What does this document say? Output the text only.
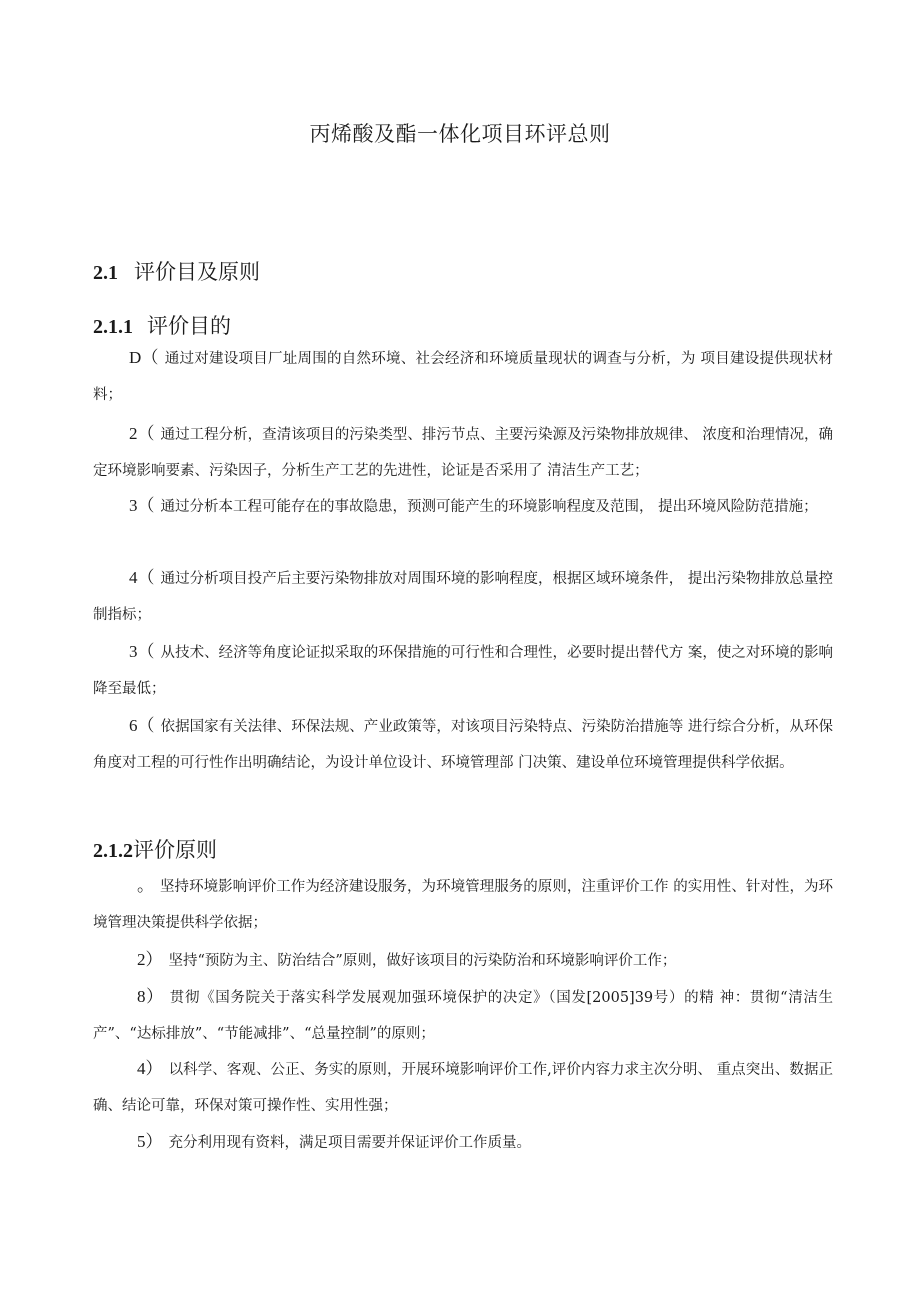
丙烯酸及酯一体化项目环评总则
2.1 评价目及原则
2.1.1 评价目的
D（ 通过对建设项目厂址周围的自然环境、社会经济和环境质量现状的调查与分析，为 项目建设提供现状材料；
2（ 通过工程分析，查清该项目的污染类型、排污节点、主要污染源及污染物排放规律、 浓度和治理情况，确定环境影响要素、污染因子，分析生产工艺的先进性，论证是否采用了 清洁生产工艺；
3（ 通过分析本工程可能存在的事故隐患，预测可能产生的环境影响程度及范围， 提出环境风险防范措施；
4（ 通过分析项目投产后主要污染物排放对周围环境的影响程度，根据区域环境条件， 提出污染物排放总量控制指标；
3（ 从技术、经济等角度论证拟采取的环保措施的可行性和合理性，必要时提出替代方 案，使之对环境的影响降至最低；
6（ 依据国家有关法律、环保法规、产业政策等，对该项目污染特点、污染防治措施等 进行综合分析，从环保角度对工程的可行性作出明确结论，为设计单位设计、环境管理部 门决策、建设单位环境管理提供科学依据。
2.1.2评价原则
。 坚持环境影响评价工作为经济建设服务，为环境管理服务的原则，注重评价工作 的实用性、针对性，为环境管理决策提供科学依据；
2） 坚持“预防为主、防治结合”原则，做好该项目的污染防治和环境影响评价工作；
8） 贯彻《国务院关于落实科学发展观加强环境保护的决定》（国发[2005]39号）的精 神：贯彻“清洁生产”、“达标排放”、“节能减排”、“总量控制”的原则；
4） 以科学、客观、公正、务实的原则，开展环境影响评价工作,评价内容力求主次分明、 重点突出、数据正确、结论可靠，环保对策可操作性、实用性强；
5） 充分利用现有资料，满足项目需要并保证评价工作质量。
